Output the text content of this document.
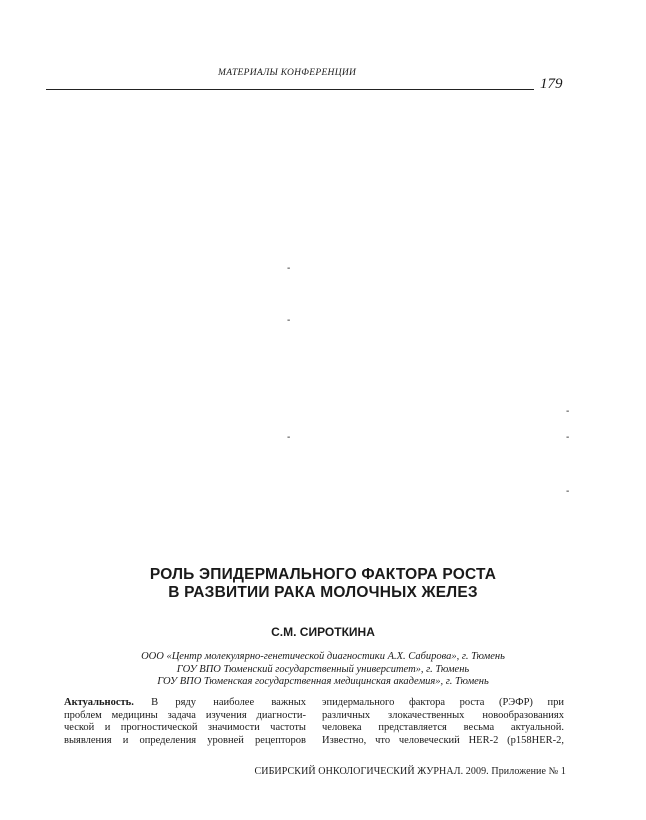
МАТЕРИАЛЫ КОНФЕРЕНЦИИ
179
-
-
-
-	-
-
РОЛЬ ЭПИДЕРМАЛЬНОГО ФАКТОРА РОСТА
В РАЗВИТИИ РАКА МОЛОЧНЫХ ЖЕЛЕЗ
С.М. СИРОТКИНА
ООО «Центр молекулярно-генетической диагностики А.Х. Сабирова», г. Тюмень
ГОУ ВПО Тюменский государственный университет», г. Тюмень
ГОУ ВПО Тюменская государственная медицинская академия», г. Тюмень
Актуальность. В ряду наиболее важных
проблем медицины задача изучения диагности-
ческой и прогностической значимости частоты
выявления и определения уровней рецепторов
эпидермального фактора роста (РЭФР) при
различных злокачественных новообразованиях
человека представляется весьма актуальной.
Известно, что человеческий HER-2 (p158HER-2,
СИБИРСКИЙ ОНКОЛОГИЧЕСКИЙ ЖУРНАЛ. 2009. Приложение № 1
